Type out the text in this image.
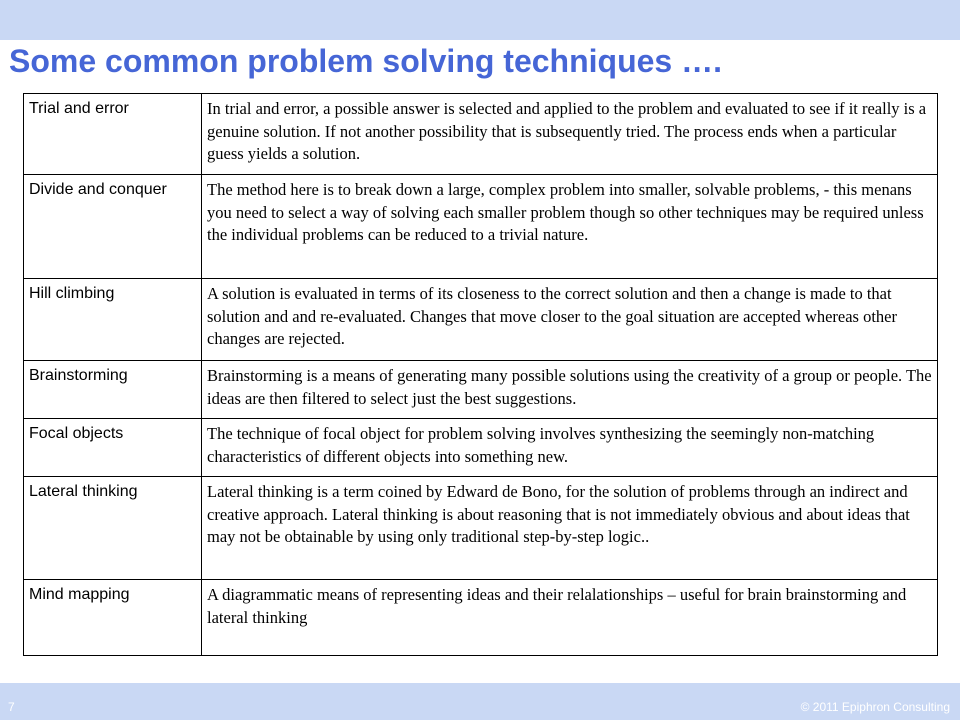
Some common problem solving techniques ….
Trial and error	In trial and error, a possible answer is selected and applied to the problem and evaluated to see if it really is a genuine solution. If not another possibility that is subsequently tried. The process ends when a particular guess yields a solution.
Divide and conquer	The method here is to break down a large, complex problem into smaller, solvable problems, - this menans you need to select a way of solving each smaller problem though so other techniques may be required unless the individual problems can be reduced to a trivial nature.
Hill climbing	A solution is evaluated in terms of its closeness to the correct solution and then a change is made to that solution and and re-evaluated. Changes that move closer to the goal situation are accepted whereas other changes are rejected.
Brainstorming	Brainstorming is a means of generating many possible solutions using the creativity of a group or people. The ideas are then filtered to select just the best suggestions.
Focal objects	The technique of focal object for problem solving involves synthesizing the seemingly non-matching characteristics of different objects into something new.
Lateral thinking	Lateral thinking is a term coined by Edward de Bono, for the solution of problems through an indirect and creative approach. Lateral thinking is about reasoning that is not immediately obvious and about ideas that may not be obtainable by using only traditional step-by-step logic..
Mind mapping	A diagrammatic means of representing ideas and their relalationships – useful for brain brainstorming and lateral thinking
7	© 2011 Epiphron Consulting
